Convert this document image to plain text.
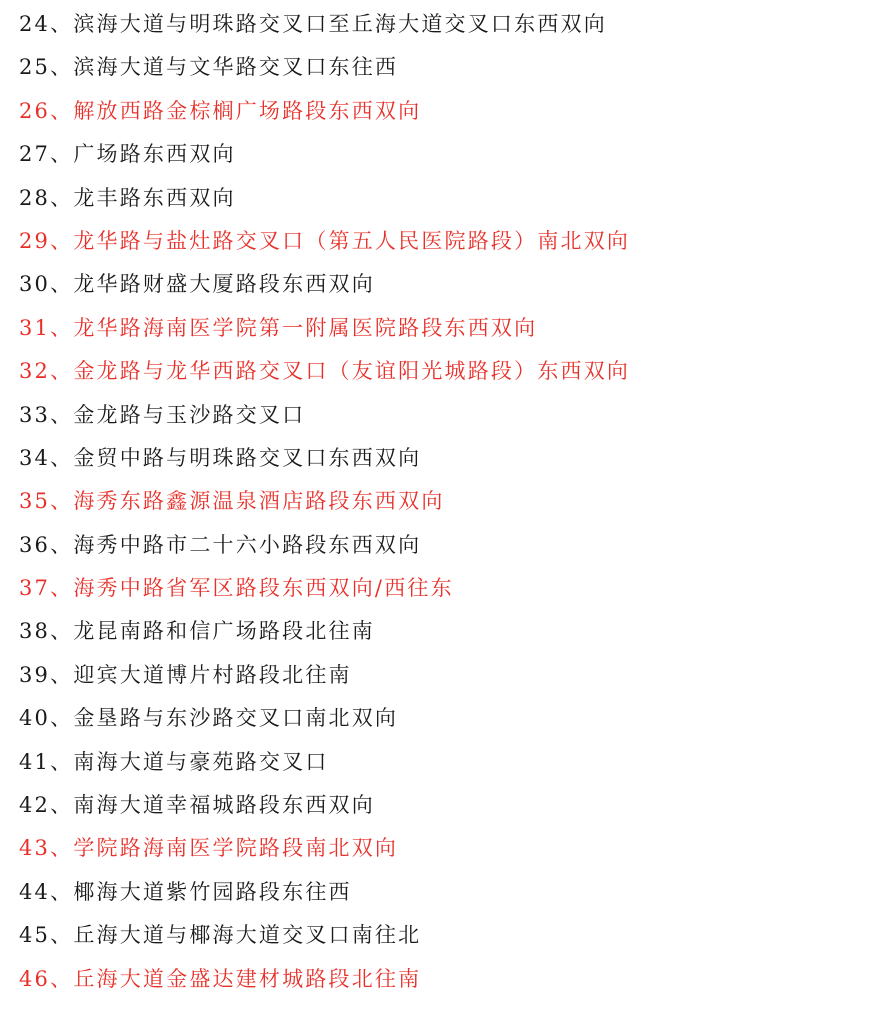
24、滨海大道与明珠路交叉口至丘海大道交叉口东西双向
25、滨海大道与文华路交叉口东往西
26、解放西路金棕榈广场路段东西双向
27、广场路东西双向
28、龙丰路东西双向
29、龙华路与盐灶路交叉口（第五人民医院路段）南北双向
30、龙华路财盛大厦路段东西双向
31、龙华路海南医学院第一附属医院路段东西双向
32、金龙路与龙华西路交叉口（友谊阳光城路段）东西双向
33、金龙路与玉沙路交叉口
34、金贸中路与明珠路交叉口东西双向
35、海秀东路鑫源温泉酒店路段东西双向
36、海秀中路市二十六小路段东西双向
37、海秀中路省军区路段东西双向/西往东
38、龙昆南路和信广场路段北往南
39、迎宾大道博片村路段北往南
40、金垦路与东沙路交叉口南北双向
41、南海大道与豪苑路交叉口
42、南海大道幸福城路段东西双向
43、学院路海南医学院路段南北双向
44、椰海大道紫竹园路段东往西
45、丘海大道与椰海大道交叉口南往北
46、丘海大道金盛达建材城路段北往南
